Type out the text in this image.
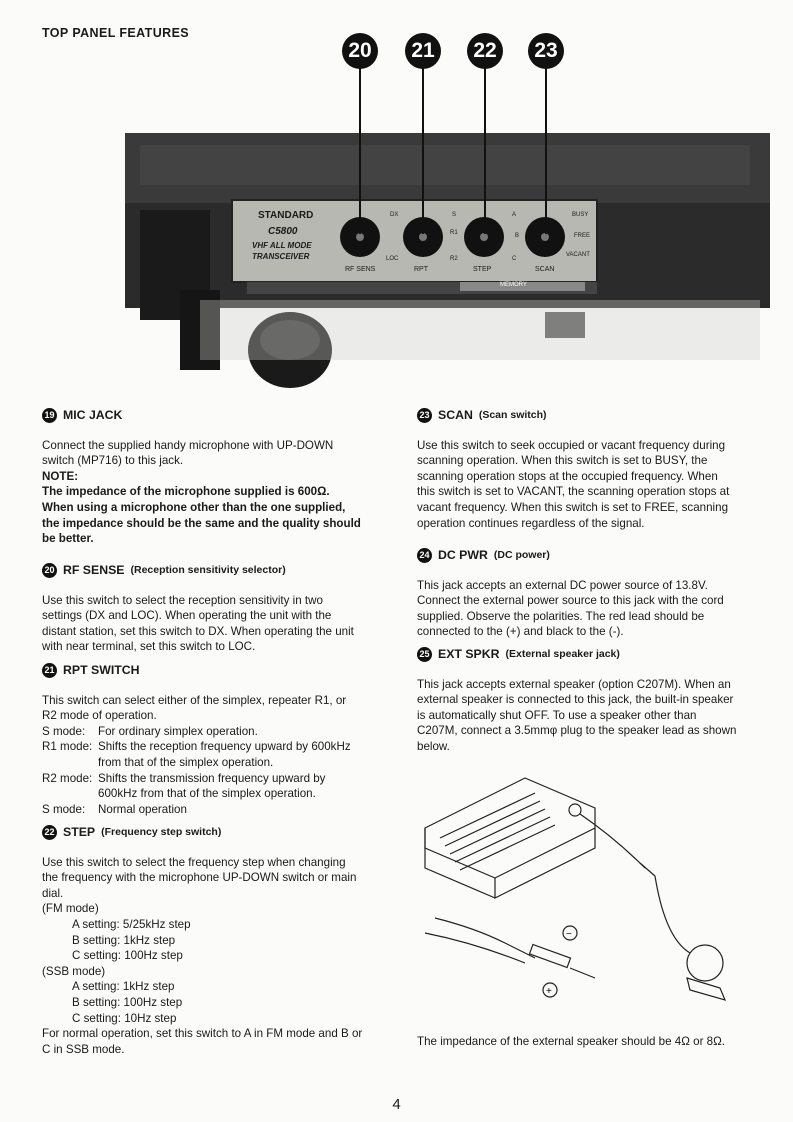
TOP PANEL FEATURES
STANDARD
C5800
VHF ALL MODE
TRANSCEIVER
RF SENS	RPT	STEP	SCAN
DX
LOC
S
R1
R2
A
B
C
BUSY
FREE
VACANT
MEMORY
20	21	22	23
19 MIC JACK

Connect the supplied handy microphone with UP-DOWN switch (MP716) to this jack.

NOTE:

The impedance of the microphone supplied is 600Ω. When using a microphone other than the one supplied, the impedance should be the same and the quality should be better.

20 RF SENSE (Reception sensitivity selector)

Use this switch to select the reception sensitivity in two settings (DX and LOC). When operating the unit with the distant station, set this switch to DX. When operating the unit with near terminal, set this switch to LOC.

21 RPT SWITCH

This switch can select either of the simplex, repeater R1, or R2 mode of operation.

S mode:	For ordinary simplex operation.
R1 mode: Shifts the reception frequency upward by 600kHz from that of the simplex operation.
R2 mode: Shifts the transmission frequency upward by 600kHz from that of the simplex operation.
S mode:	Normal operation
22 STEP (Frequency step switch)

Use this switch to select the frequency step when changing the frequency with the microphone UP-DOWN switch or main dial.

(FM mode)

A setting: 5/25kHz step

B setting: 1kHz step

C setting: 100Hz step

(SSB mode)

A setting: 1kHz step

B setting: 100Hz step

C setting: 10Hz step

For normal operation, set this switch to A in FM mode and B or C in SSB mode.

23 SCAN (Scan switch)

Use this switch to seek occupied or vacant frequency during scanning operation. When this switch is set to BUSY, the scanning operation stops at the occupied frequency. When this switch is set to VACANT, the scanning operation stops at vacant frequency. When this switch is set to FREE, scanning operation continues regardless of the signal.

24 DC PWR (DC power)

This jack accepts an external DC power source of 13.8V. Connect the external power source to this jack with the cord supplied. Observe the polarities. The red lead should be connected to the (+) and black to the (-).

25 EXT SPKR (External speaker jack)

This jack accepts external speaker (option C207M). When an external speaker is connected to this jack, the built-in speaker is automatically shut OFF. To use a speaker other than C207M, connect a 3.5mmφ plug to the speaker lead as shown below.

−
+

The impedance of the external speaker should be 4Ω or 8Ω.

4
